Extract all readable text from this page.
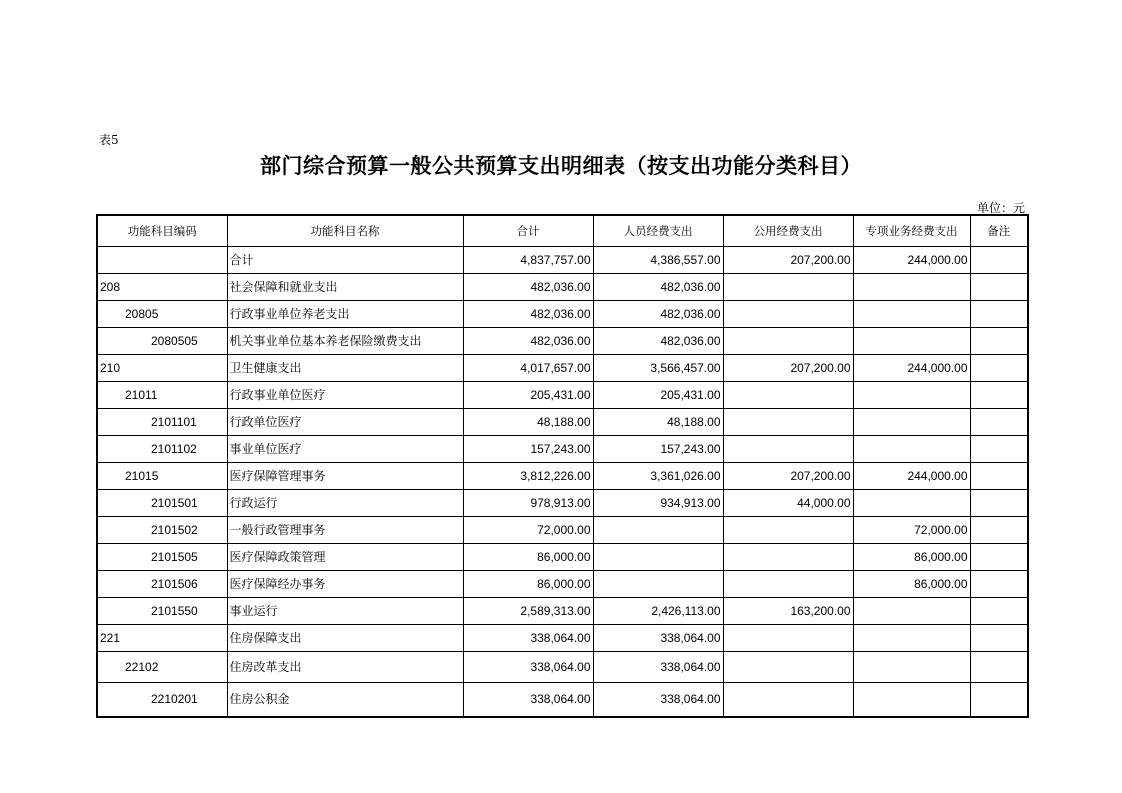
表5
部门综合预算一般公共预算支出明细表（按支出功能分类科目）
单位：元
功能科目编码	功能科目名称	合计	人员经费支出	公用经费支出	专项业务经费支出	备注
	合计	4,837,757.00	4,386,557.00	207,200.00	244,000.00	
208	社会保障和就业支出	482,036.00	482,036.00			
20805	行政事业单位养老支出	482,036.00	482,036.00			
2080505	机关事业单位基本养老保险缴费支出	482,036.00	482,036.00			
210	卫生健康支出	4,017,657.00	3,566,457.00	207,200.00	244,000.00	
21011	行政事业单位医疗	205,431.00	205,431.00			
2101101	行政单位医疗	48,188.00	48,188.00			
2101102	事业单位医疗	157,243.00	157,243.00			
21015	医疗保障管理事务	3,812,226.00	3,361,026.00	207,200.00	244,000.00	
2101501	行政运行	978,913.00	934,913.00	44,000.00		
2101502	一般行政管理事务	72,000.00			72,000.00	
2101505	医疗保障政策管理	86,000.00			86,000.00	
2101506	医疗保障经办事务	86,000.00			86,000.00	
2101550	事业运行	2,589,313.00	2,426,113.00	163,200.00		
221	住房保障支出	338,064.00	338,064.00			
22102	住房改革支出	338,064.00	338,064.00			
2210201	住房公积金	338,064.00	338,064.00			
